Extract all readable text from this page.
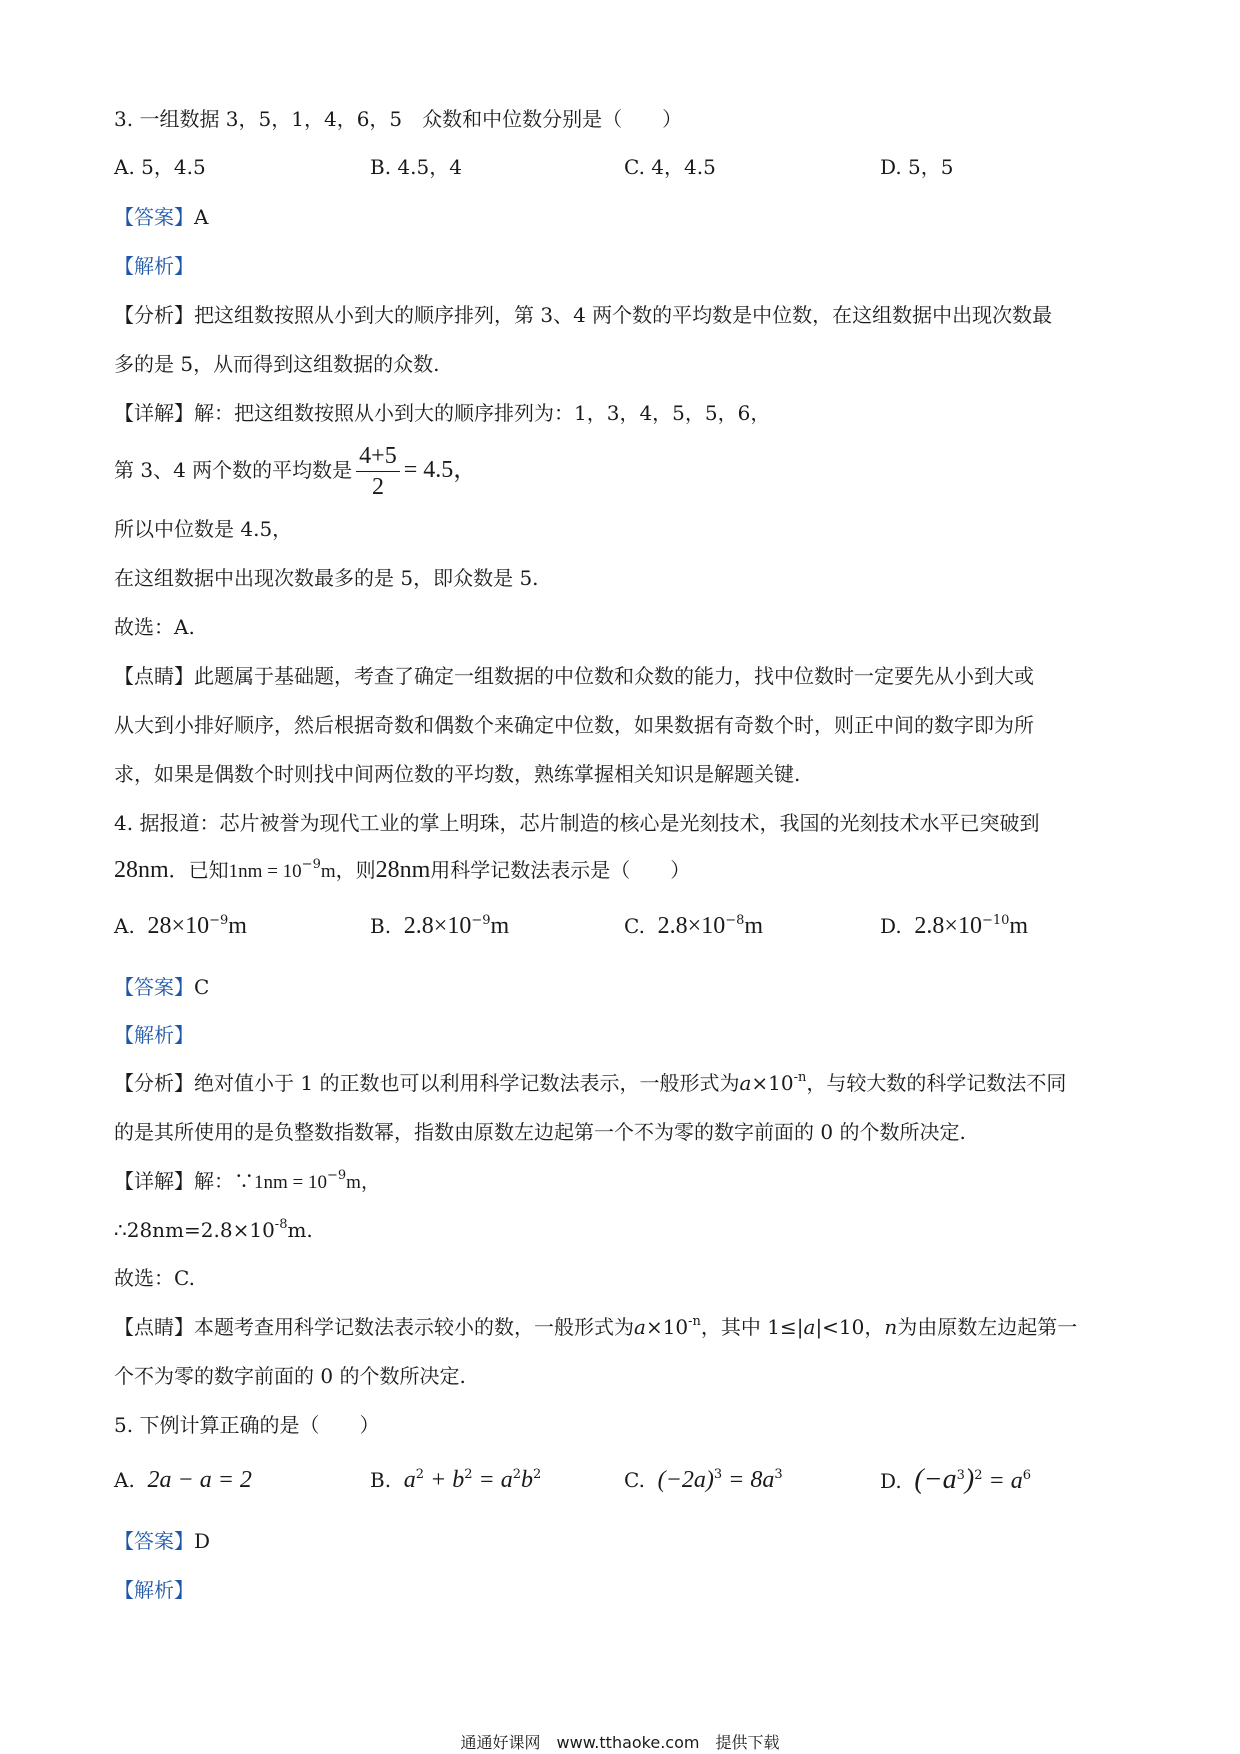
3. 一组数据 3，5，1，4，6，5　众数和中位数分别是（　　）
A. 5，4.5	B. 4.5，4	C. 4，4.5	D. 5，5
【答案】A
【解析】
【分析】把这组数按照从小到大的顺序排列，第 3、4 两个数的平均数是中位数，在这组数据中出现次数最
多的是 5，从而得到这组数据的众数.
【详解】解：把这组数按照从小到大的顺序排列为：1，3，4，5，5，6，
第 3、4 两个数的平均数是 $\frac{4+5}{2} = 4.5$，
所以中位数是 4.5，
在这组数据中出现次数最多的是 5，即众数是 5.
故选：A.
【点睛】此题属于基础题，考查了确定一组数据的中位数和众数的能力，找中位数时一定要先从小到大或
从大到小排好顺序，然后根据奇数和偶数个来确定中位数，如果数据有奇数个时，则正中间的数字即为所
求，如果是偶数个时则找中间两位数的平均数，熟练掌握相关知识是解题关键.
4. 据报道：芯片被誉为现代工业的掌上明珠，芯片制造的核心是光刻技术，我国的光刻技术水平已突破到
28nm．已知$1nm = 10^{-9}m$，则28nm用科学记数法表示是（　　）
A. $28\times 10^{-9}m$	B. $2.8\times 10^{-9}m$	C. $2.8\times 10^{-8}m$	D. $2.8\times 10^{-10}m$
【答案】C
【解析】
【分析】绝对值小于 1 的正数也可以利用科学记数法表示，一般形式为$a\times 10^{-n}$，与较大数的科学记数法不同
的是其所使用的是负整数指数幂，指数由原数左边起第一个不为零的数字前面的 0 的个数所决定.
【详解】解：∵1nm = $10^{-9}m$，
$\therefore 28nm=2.8\times 10^{-8}m$.
故选：C.
【点睛】本题考查用科学记数法表示较小的数，一般形式为$a\times 10^{-n}$，其中 1≤|a|<10，n为由原数左边起第一
个不为零的数字前面的 0 的个数所决定.
5. 下例计算正确的是（　　）
A. 2a − a = 2	B. $a^2 + b^2 = a^2b^2$	C. $(-2a)^3 = 8a^3$	D. $(-a^3)^2 = a^6$
【答案】D
【解析】
通通好课网　www.tthaoke.com　提供下载
